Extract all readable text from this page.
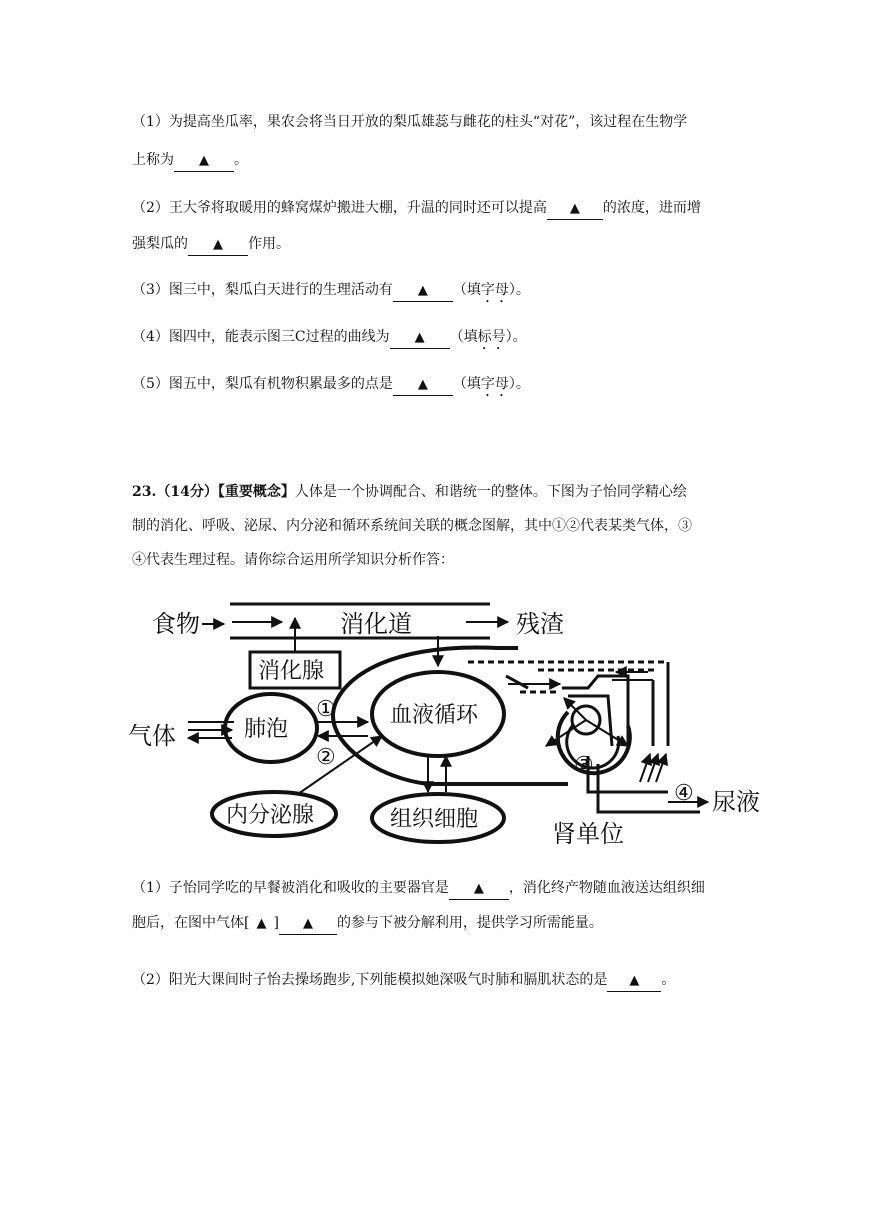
（1）为提高坐瓜率，果农会将当日开放的梨瓜雄蕊与雌花的柱头“对花”，该过程在生物学
上称为 ▲ 。
（2）王大爷将取暖用的蜂窝煤炉搬进大棚，升温的同时还可以提高 ▲ 的浓度，进而增
强梨瓜的 ▲ 作用。
（3）图三中，梨瓜白天进行的生理活动有 ▲ （填字母）。
（4）图四中，能表示图三C过程的曲线为 ▲ （填标号）。
（5）图五中，梨瓜有机物积累最多的点是 ▲ （填字母）。
23.（14分）【重要概念】人体是一个协调配合、和谐统一的整体。下图为子怡同学精心绘
制的消化、呼吸、泌尿、内分泌和循环系统间关联的概念图解，其中①②代表某类气体，③
④代表生理过程。请你综合运用所学知识分析作答：
消化道
食物	残渣
消化腺
血液循环
肺泡
气体
①
②
内分泌腺	组织细胞
③
④ 尿液
肾单位
（1）子怡同学吃的早餐被消化和吸收的主要器官是 ▲ ，消化终产物随血液送达组织细
胞后，在图中气体[ ▲ ] ▲ 的参与下被分解利用，提供学习所需能量。
（2）阳光大课间时子怡去操场跑步,下列能模拟她深吸气时肺和膈肌状态的是 ▲ 。
